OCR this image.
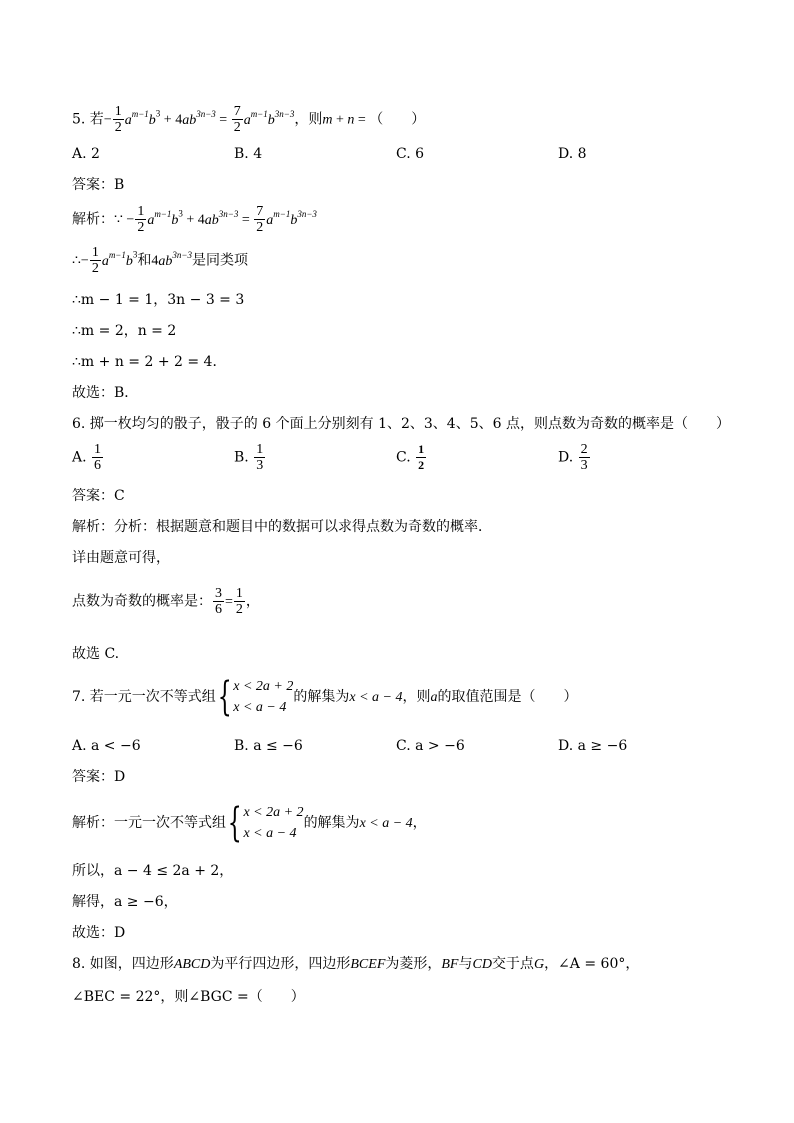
5. 若− $\frac{1}{2} a^{m-1}b^3 + 4ab^{3n-3} = \frac{7}{2} a^{m-1}b^{3n-3}$，则m + n = （　　）
A. 2	B. 4	C. 6	D. 8
答案：B
解析：∵ − $\frac{1}{2} a^{m-1}b^3 + 4ab^{3n-3} = \frac{7}{2} a^{m-1}b^{3n-3}$
∴− $\frac{1}{2} a^{m-1}b^3$和$4ab^{3n-3}$是同类项
∴m − 1 = 1，3n − 3 = 3
∴m = 2，n = 2
∴m + n = 2 + 2 = 4．
故选：B．
6. 掷一枚均匀的骰子，骰子的 6 个面上分别刻有 1、2、3、4、5、6 点，则点数为奇数的概率是（　　）
A. $\frac{1}{6}$	B. $\frac{1}{3}$	C. $\frac{1}{2}$	D. $\frac{2}{3}$
答案：C
解析：分析：根据题意和题目中的数据可以求得点数为奇数的概率．
详由题意可得，
点数为奇数的概率是： $\frac{3}{6} = \frac{1}{2}$ ，
故选 C.
7. 若一元一次不等式组 { x < 2a + 2
x < a − 4
的解集为x < a − 4，则a的取值范围是（　　）
A. a < −6	B. a ≤ −6	C. a > −6	D. a ≥ −6
答案：D
解析：一元一次不等式组 { x < 2a + 2
x < a − 4
的解集为x < a − 4，
所以，a − 4 ≤ 2a + 2，
解得，a ≥ −6，
故选：D
8. 如图，四边形ABCD为平行四边形，四边形BCEF为菱形，BF与CD交于点G，∠A = 60°，
∠BEC = 22°，则∠BGC =（　　）
